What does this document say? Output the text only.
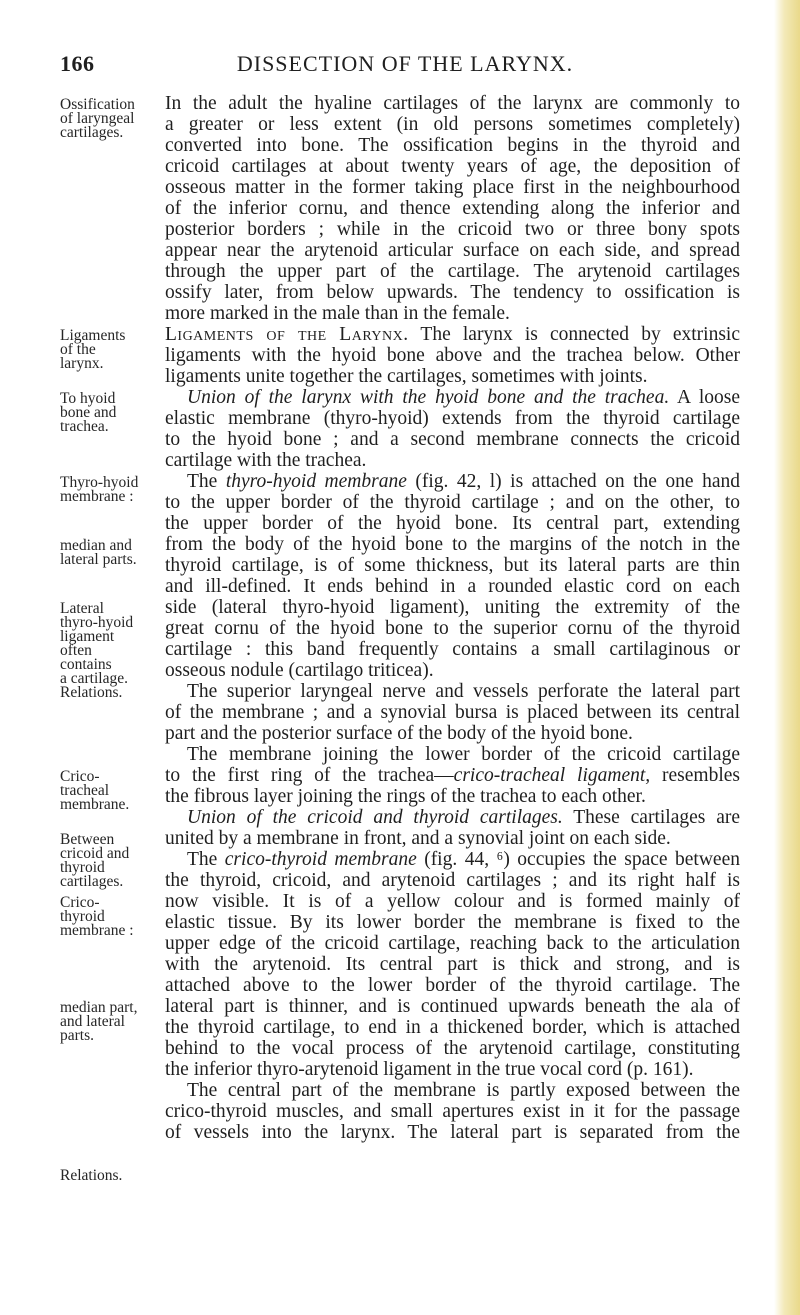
166	DISSECTION OF THE LARYNX.
Ossification
of laryngeal
cartilages.
Ligaments
of the
larynx.
To hyoid
bone and
trachea.
Thyro-hyoid
membrane :
median and
lateral parts.
Lateral
thyro-hyoid
ligament
often
contains
a cartilage.
Relations.
Crico-
tracheal
membrane.
Between
cricoid and
thyroid
cartilages.
Crico-
thyroid
membrane :
median part,
and lateral
parts.
Relations.
In the adult the hyaline cartilages of the larynx are commonly to
a greater or less extent (in old persons sometimes completely)
converted into bone. The ossification begins in the thyroid and
cricoid cartilages at about twenty years of age, the deposition of
osseous matter in the former taking place first in the neighbourhood
of the inferior cornu, and thence extending along the inferior and
posterior borders ; while in the cricoid two or three bony spots
appear near the arytenoid articular surface on each side, and spread
through the upper part of the cartilage. The arytenoid cartilages
ossify later, from below upwards. The tendency to ossification is
more marked in the male than in the female.
Ligaments of the Larynx. The larynx is connected by extrinsic
ligaments with the hyoid bone above and the trachea below. Other
ligaments unite together the cartilages, sometimes with joints.
Union of the larynx with the hyoid bone and the trachea. A loose
elastic membrane (thyro-hyoid) extends from the thyroid cartilage
to the hyoid bone ; and a second membrane connects the cricoid
cartilage with the trachea.
The thyro-hyoid membrane (fig. 42, l) is attached on the one hand
to the upper border of the thyroid cartilage ; and on the other, to
the upper border of the hyoid bone. Its central part, extending
from the body of the hyoid bone to the margins of the notch in the
thyroid cartilage, is of some thickness, but its lateral parts are thin
and ill-defined. It ends behind in a rounded elastic cord on each
side (lateral thyro-hyoid ligament), uniting the extremity of the
great cornu of the hyoid bone to the superior cornu of the thyroid
cartilage : this band frequently contains a small cartilaginous or
osseous nodule (cartilago triticea).
The superior laryngeal nerve and vessels perforate the lateral part
of the membrane ; and a synovial bursa is placed between its central
part and the posterior surface of the body of the hyoid bone.
The membrane joining the lower border of the cricoid cartilage
to the first ring of the trachea—crico-tracheal ligament, resembles
the fibrous layer joining the rings of the trachea to each other.
Union of the cricoid and thyroid cartilages. These cartilages are
united by a membrane in front, and a synovial joint on each side.
The crico-thyroid membrane (fig. 44, ⁶) occupies the space between
the thyroid, cricoid, and arytenoid cartilages ; and its right half is
now visible. It is of a yellow colour and is formed mainly of
elastic tissue. By its lower border the membrane is fixed to the
upper edge of the cricoid cartilage, reaching back to the articulation
with the arytenoid. Its central part is thick and strong, and is
attached above to the lower border of the thyroid cartilage. The
lateral part is thinner, and is continued upwards beneath the ala of
the thyroid cartilage, to end in a thickened border, which is attached
behind to the vocal process of the arytenoid cartilage, constituting
the inferior thyro-arytenoid ligament in the true vocal cord (p. 161).
The central part of the membrane is partly exposed between the
crico-thyroid muscles, and small apertures exist in it for the passage
of vessels into the larynx. The lateral part is separated from the
